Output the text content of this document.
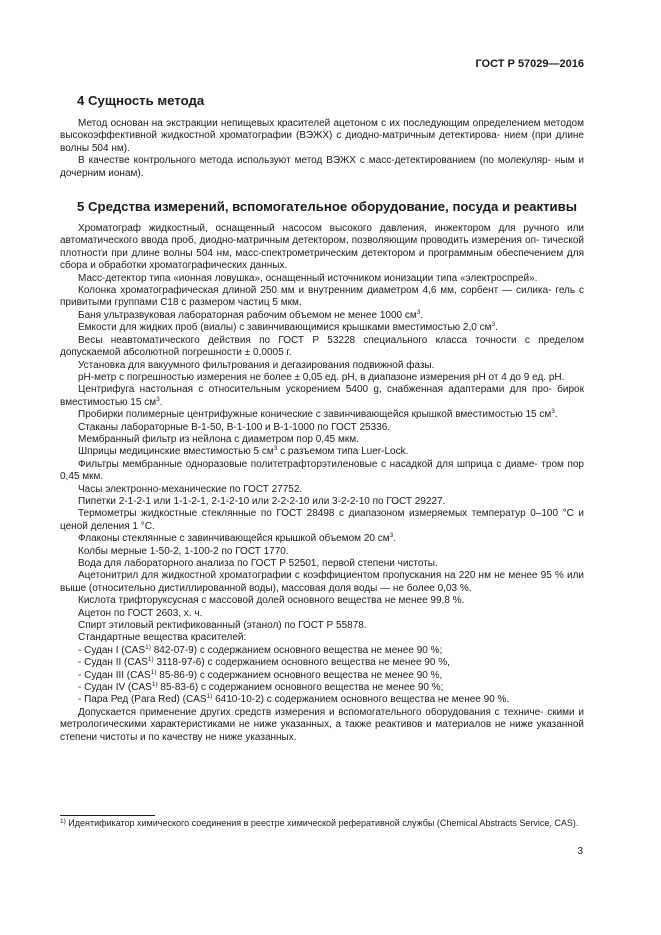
ГОСТ Р 57029—2016
4 Сущность метода

Метод основан на экстракции непищевых красителей ацетоном с их последующим определением методом высокоэффективной жидкостной хроматографии (ВЭЖХ) с диодно-матричным детектирова- нием (при длине волны 504 нм).

В качестве контрольного метода используют метод ВЭЖХ с масс-детектированием (по молекуляр- ным и дочерним ионам).

5 Средства измерений, вспомогательное оборудование, посуда и реактивы

Хроматограф жидкостный, оснащенный насосом высокого давления, инжектором для ручного или автоматического ввода проб, диодно-матричным детектором, позволяющим проводить измерения оп- тической плотности при длине волны 504 нм, масс-спектрометрическим детектором и программным обеспечением для сбора и обработки хроматографических данных.

Масс-детектор типа «ионная ловушка», оснащенный источником ионизации типа «электроспрей».

Колонка хроматографическая длиной 250 мм и внутренним диаметром 4,6 мм, сорбент — силика- гель с привитыми группами С18 с размером частиц 5 мкм.

Баня ультразвуковая лабораторная рабочим объемом не менее 1000 $см^3$.

Емкости для жидких проб (виалы) с завинчивающимися крышками вместимостью 2,0 $см^3$.

Весы неавтоматического действия по ГОСТ Р 53228 специального класса точности с пределом допускаемой абсолютной погрешности ± 0,0005 г.

Установка для вакуумного фильтрования и дегазирования подвижной фазы.

рН-метр с погрешностью измерения не более ± 0,05 ед. рН, в диапазоне измерения рН от 4 до 9 ед. рН.

Центрифуга настольная с относительным ускорением 5400 g, снабженная адаптерами для про- бирок вместимостью 15 $см^3$.

Пробирки полимерные центрифужные конические с завинчивающейся крышкой вместимостью 15 $см^3$.

Стаканы лабораторные В-1-50, В-1-100 и В-1-1000 по ГОСТ 25336.

Мембранный фильтр из нейлона с диаметром пор 0,45 мкм.

Шприцы медицинские вместимостью 5 $см^3$ с разъемом типа Luer-Lock.

Фильтры мембранные одноразовые политетрафторэтиленовые с насадкой для шприца с диаме- тром пор 0,45 мкм.

Часы электронно-механические по ГОСТ 27752.

Пипетки 2-1-2-1 или 1-1-2-1, 2-1-2-10 или 2-2-2-10 или 3-2-2-10 по ГОСТ 29227.

Термометры жидкостные стеклянные по ГОСТ 28498 с диапазоном измеряемых температур 0–100 °С и ценой деления 1 °С.

Флаконы стеклянные с завинчивающейся крышкой объемом 20 $см^3$.

Колбы мерные 1-50-2, 1-100-2 по ГОСТ 1770.

Вода для лабораторного анализа по ГОСТ Р 52501, первой степени чистоты.

Ацетонитрил для жидкостной хроматографии с коэффициентом пропускания на 220 нм не менее 95 % или выше (относительно дистиллированной воды), массовая доля воды — не более 0,03 %.

Кислота трифторуксусная с массовой долей основного вещества не менее 99,8 %.

Ацетон по ГОСТ 2603, х. ч.

Спирт этиловый ректификованный (этанол) по ГОСТ Р 55878.

Стандартные вещества красителей:

- Судан I (CAS$^{1)}$ 842-07-9) с содержанием основного вещества не менее 90 %;

- Судан II (CAS$^{1)}$ 3118-97-6) с содержанием основного вещества не менее 90 %,

- Судан III (CAS$^{1)}$ 85-86-9) с содержанием основного вещества не менее 90 %,

- Судан IV (CAS$^{1)}$ 85-83-6) с содержанием основного вещества не менее 90 %;

- Пара Ред (Para Red) (CAS$^{1)}$ 6410-10-2) с содержанием основного вещества не менее 90 %.

Допускается применение других средств измерения и вспомогательного оборудования с техниче- скими и метрологическими характеристиками не ниже указанных, а также реактивов и материалов не ниже указанной степени чистоты и по качеству не ниже указанных.

$^{1)}$ Идентификатор химического соединения в реестре химической реферативной службы (Chemical Abstracts Service, CAS).
3
